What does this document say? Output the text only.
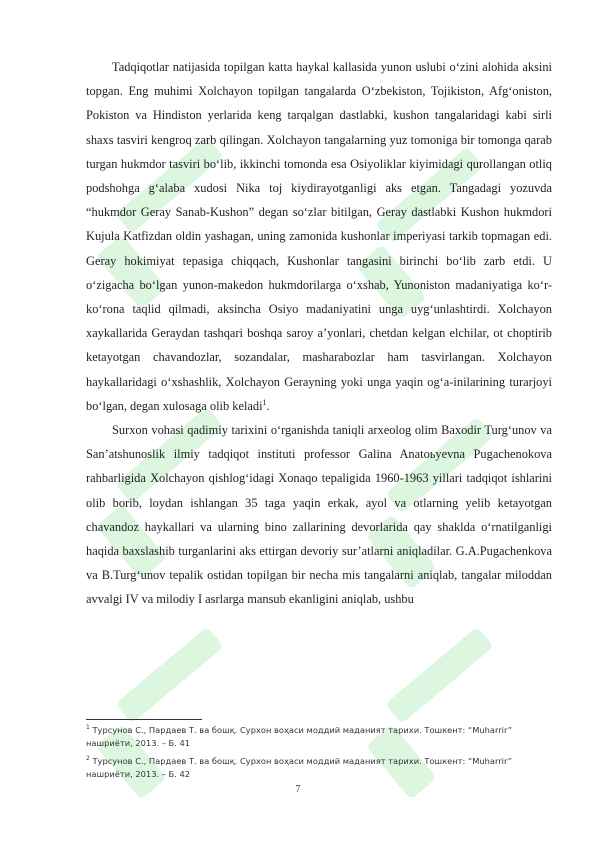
Tadqiqotlar natijasida topilgan katta haykal kallasida yunon uslubi o‘zini alohida aksini topgan. Eng muhimi Xolchayon topilgan tangalarda O‘zbekiston, Tojikiston, Afg‘oniston, Pokiston va Hindiston yerlarida keng tarqalgan dastlabki, kushon tangalaridagi kabi sirli shaxs tasviri kengroq zarb qilingan. Xolchayon tangalarning yuz tomoniga bir tomonga qarab turgan hukmdor tasviri bo‘lib, ikkinchi tomonda esa Osiyoliklar kiyimidagi qurollangan otliq podshohga g‘alaba xudosi Nika toj kiydirayotganligi aks etgan. Tangadagi yozuvda “hukmdor Geray Sanab-Kushon” degan so‘zlar bitilgan, Geray dastlabki Kushon hukmdori Kujula Katfizdan oldin yashagan, uning zamonida kushonlar imperiyasi tarkib topmagan edi. Geray hokimiyat tepasiga chiqqach, Kushonlar tangasini birinchi bo‘lib zarb etdi. U o‘zigacha bo‘lgan yunon-makedon hukmdorilarga o‘xshab, Yunoniston madaniyatiga ko‘r-ko‘rona taqlid qilmadi, aksincha Osiyo madaniyatini unga uyg‘unlashtirdi. Xolchayon xaykallarida Geraydan tashqari boshqa saroy a’yonlari, chetdan kelgan elchilar, ot choptirib ketayotgan chavandozlar, sozandalar, masharabozlar ham tasvirlangan. Xolchayon haykallaridagi o‘xshashlik, Xolchayon Gerayning yoki unga yaqin og‘a-inilarining turarjoyi bo‘lgan, degan xulosaga olib keladi$^1$.

Surxon vohasi qadimiy tarixini o‘rganishda taniqli arxeolog olim Baxodir Turg‘unov va San’atshunoslik ilmiy tadqiqot instituti professor Galina Anatoьyevna Pugachenokova rahbarligida Xolchayon qishlog‘idagi Xonaqo tepaligida 1960-1963 yillari tadqiqot ishlarini olib borib, loydan ishlangan 35 taga yaqin erkak, ayol va otlarning yelib ketayotgan chavandoz haykallari va ularning bino zallarining devorlarida qay shaklda o‘rnatilganligi haqida baxslashib turganlarini aks ettirgan devoriy sur’atlarni aniqladilar. G.A.Pugachenkova va B.Turg‘unov tepalik ostidan topilgan bir necha mis tangalarni aniqlab, tangalar miloddan avvalgi IV va milodiy I asrlarga mansub ekanligini aniqlab, ushbu

$^1$ Турсунов С., Пардаев Т. ва бошқ. Сурхон воҳаси моддий маданият тарихи. Тошкент: “Muharrir” нашриёти, 2013. – Б. 41
$^2$ Турсунов С., Пардаев Т. ва бошқ. Сурхон воҳаси моддий маданият тарихи. Тошкент: “Muharrir” нашриёти, 2013. – Б. 42
7
